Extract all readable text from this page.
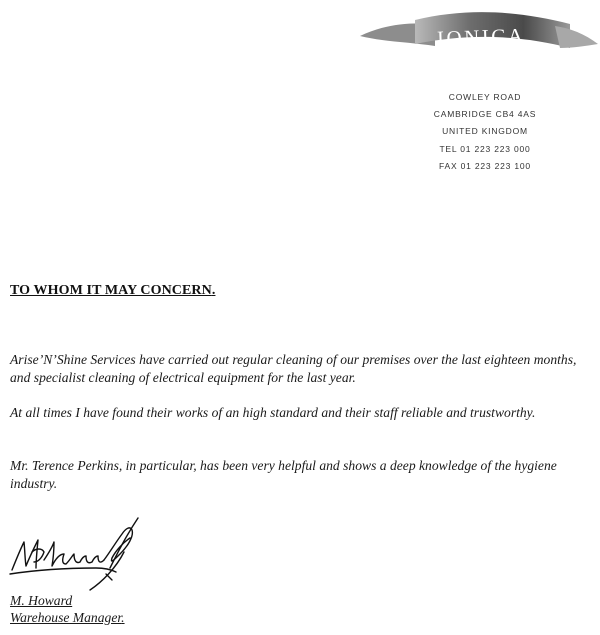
IONICA
COWLEY ROAD
CAMBRIDGE CB4 4AS
UNITED KINGDOM
TEL 01 223 223 000
FAX 01 223 223 100
TO WHOM IT MAY CONCERN.
Arise’N’Shine Services have carried out regular cleaning of our premises over the last eighteen months, and specialist cleaning of electrical equipment for the last year.
At all times I have found their works of an high standard and their staff reliable and trustworthy.
Mr. Terence Perkins, in particular, has been very helpful and shows a deep knowledge of the hygiene industry.
M. Howard
Warehouse Manager.
